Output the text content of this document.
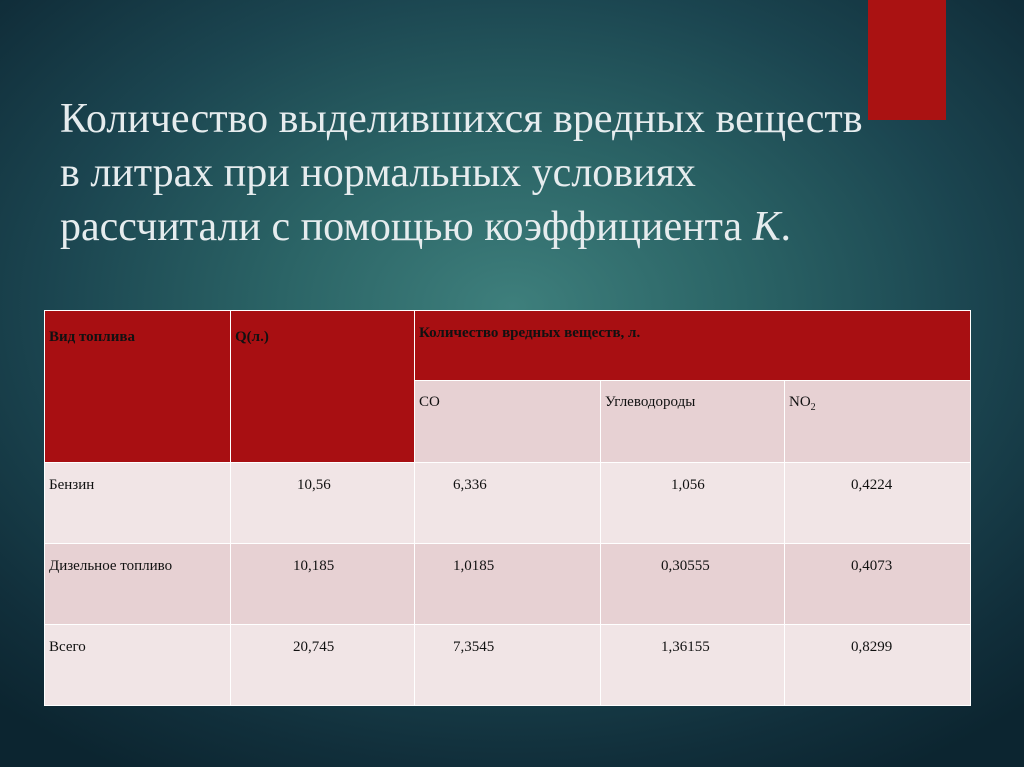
Количество выделившихся вредных веществ
в литрах при нормальных условиях
рассчитали с помощью коэффициента К.
Вид топлива	Q(л.)	Количество вредных веществ, л.		

		CO	Углеводороды	$NO_2$

Бензин	10,56	6,336	1,056	0,4224

Дизельное топливо	10,185	1,0185	0,30555	0,4073

Всего	20,745	7,3545	1,36155	0,8299
